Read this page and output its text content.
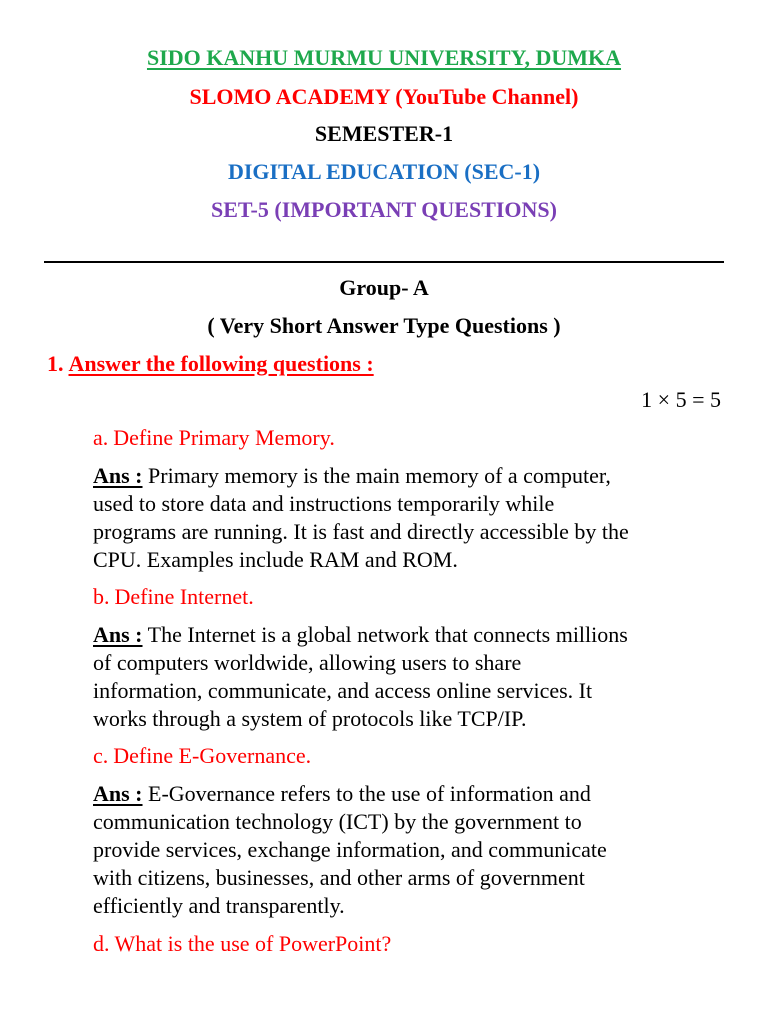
SIDO KANHU MURMU UNIVERSITY, DUMKA
SLOMO ACADEMY (YouTube Channel)
SEMESTER-1
DIGITAL EDUCATION (SEC-1)
SET-5 (IMPORTANT QUESTIONS)
Group- A
( Very Short Answer Type Questions )
1. Answer the following questions :
1 × 5 = 5
a. Define Primary Memory.
Ans : Primary memory is the main memory of a computer,
used to store data and instructions temporarily while
programs are running. It is fast and directly accessible by the
CPU. Examples include RAM and ROM.
b. Define Internet.
Ans : The Internet is a global network that connects millions
of computers worldwide, allowing users to share
information, communicate, and access online services. It
works through a system of protocols like TCP/IP.
c. Define E-Governance.
Ans : E-Governance refers to the use of information and
communication technology (ICT) by the government to
provide services, exchange information, and communicate
with citizens, businesses, and other arms of government
efficiently and transparently.
d. What is the use of PowerPoint?
